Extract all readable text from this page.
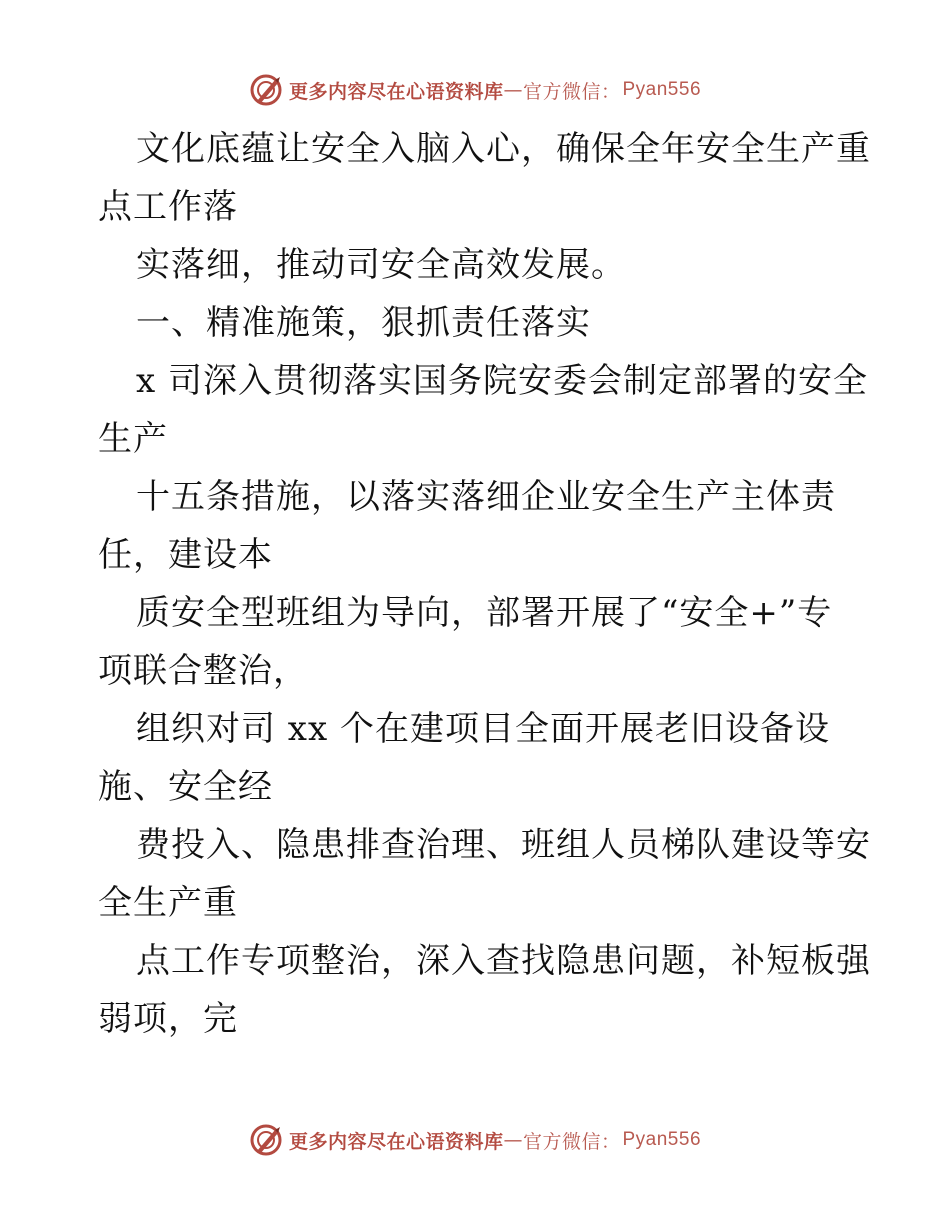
更多内容尽在心语资料库 — 官方微信： Pyan556
文化底蕴让安全入脑入心，确保全年安全生产重
点工作落
实落细，推动司安全高效发展。
一、精准施策，狠抓责任落实
x 司深入贯彻落实国务院安委会制定部署的安全
生产
十五条措施，以落实落细企业安全生产主体责
任，建设本
质安全型班组为导向，部署开展了“安全+”专
项联合整治，
组织对司 xx 个在建项目全面开展老旧设备设
施、安全经
费投入、隐患排查治理、班组人员梯队建设等安
全生产重
点工作专项整治，深入查找隐患问题，补短板强
弱项，完
更多内容尽在心语资料库 — 官方微信： Pyan556
